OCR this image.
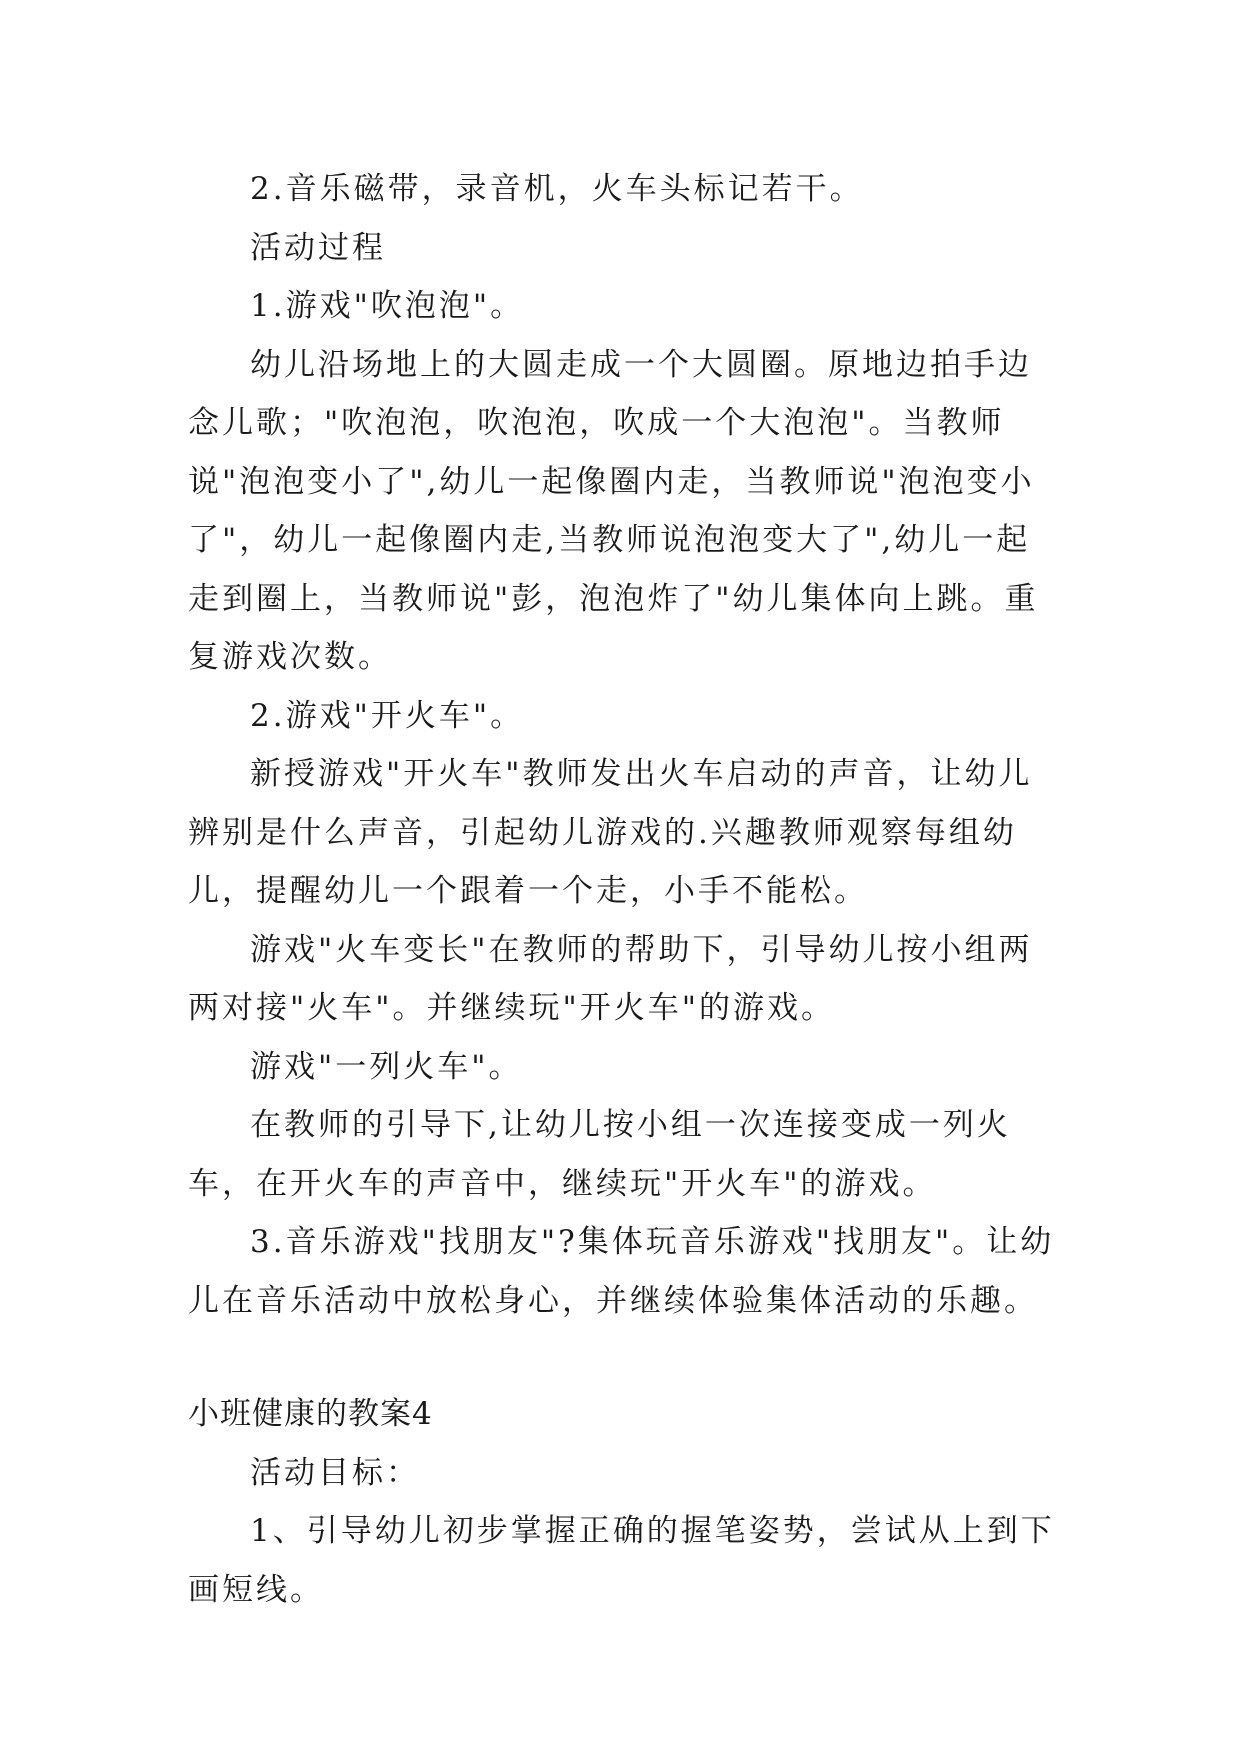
2.音乐磁带，录音机，火车头标记若干。

活动过程

1.游戏"吹泡泡"。

幼儿沿场地上的大圆走成一个大圆圈。原地边拍手边念儿歌；"吹泡泡，吹泡泡，吹成一个大泡泡"。当教师说"泡泡变小了",幼儿一起像圈内走，当教师说"泡泡变小了"，幼儿一起像圈内走,当教师说泡泡变大了",幼儿一起走到圈上，当教师说"彭，泡泡炸了"幼儿集体向上跳。重复游戏次数。

2.游戏"开火车"。

新授游戏"开火车"教师发出火车启动的声音，让幼儿辨别是什么声音，引起幼儿游戏的.兴趣教师观察每组幼儿，提醒幼儿一个跟着一个走，小手不能松。

游戏"火车变长"在教师的帮助下，引导幼儿按小组两两对接"火车"。并继续玩"开火车"的游戏。

游戏"一列火车"。

在教师的引导下,让幼儿按小组一次连接变成一列火车，在开火车的声音中，继续玩"开火车"的游戏。

3.音乐游戏"找朋友"?集体玩音乐游戏"找朋友"。让幼儿在音乐活动中放松身心，并继续体验集体活动的乐趣。

小班健康的教案4

活动目标：

1、引导幼儿初步掌握正确的握笔姿势，尝试从上到下画短线。
